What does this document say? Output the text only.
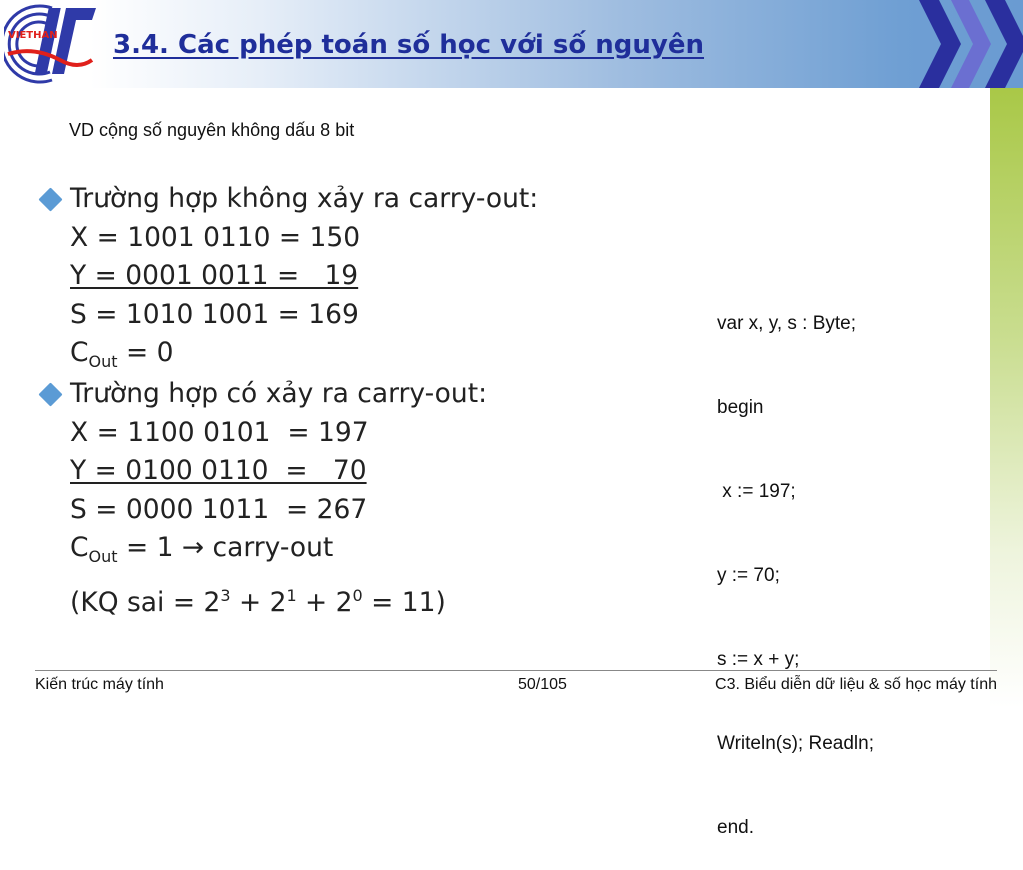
VIETHAN 3.4. Các phép toán số học với số nguyên
VD cộng số nguyên không dấu 8 bit
Trường hợp không xảy ra carry-out:
X = 1001 0110 = 150
Y = 0001 0011 =   19
S = 1010 1001 = 169
$C_{Out} = 0$
Trường hợp có xảy ra carry-out:
X = 1100 0101  = 197
Y = 0100 0110  =   70
S = 0000 1011  = 267
$C_{Out} = 1$ → carry-out
(KQ sai = $2^3 + 2^1 + 2^0 = 11$)

var x, y, s : Byte;

begin

x := 197;

y := 70;

s := x + y;

Writeln(s); Readln;

end.

Kiến trúc máy tính	50/105	C3. Biểu diễn dữ liệu & số học máy tính
